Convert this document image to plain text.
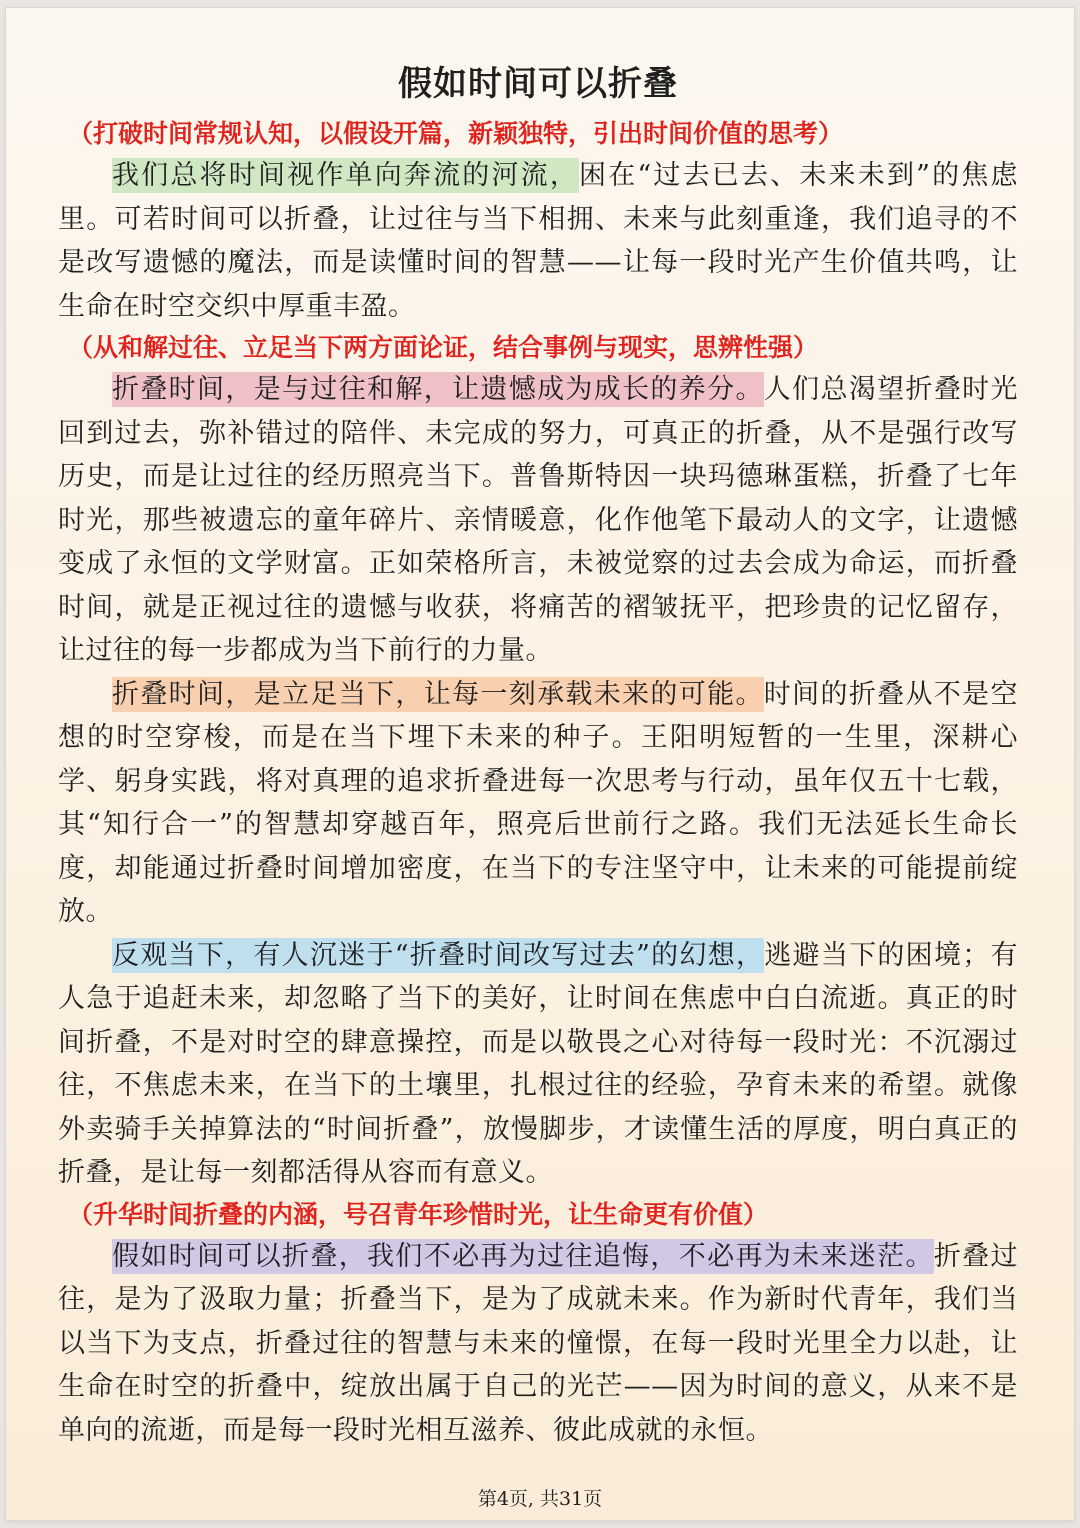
假如时间可以折叠

（打破时间常规认知，以假设开篇，新颖独特，引出时间价值的思考）

我们总将时间视作单向奔流的河流，困在“过去已去、未来未到”的焦虑里。可若时间可以折叠，让过往与当下相拥、未来与此刻重逢，我们追寻的不是改写遗憾的魔法，而是读懂时间的智慧——让每一段时光产生价值共鸣，让生命在时空交织中厚重丰盈。

（从和解过往、立足当下两方面论证，结合事例与现实，思辨性强）

折叠时间，是与过往和解，让遗憾成为成长的养分。人们总渴望折叠时光回到过去，弥补错过的陪伴、未完成的努力，可真正的折叠，从不是强行改写历史，而是让过往的经历照亮当下。普鲁斯特因一块玛德琳蛋糕，折叠了七年时光，那些被遗忘的童年碎片、亲情暖意，化作他笔下最动人的文字，让遗憾变成了永恒的文学财富。正如荣格所言，未被觉察的过去会成为命运，而折叠时间，就是正视过往的遗憾与收获，将痛苦的褶皱抚平，把珍贵的记忆留存，让过往的每一步都成为当下前行的力量。

折叠时间，是立足当下，让每一刻承载未来的可能。时间的折叠从不是空想的时空穿梭，而是在当下埋下未来的种子。王阳明短暂的一生里，深耕心学、躬身实践，将对真理的追求折叠进每一次思考与行动，虽年仅五十七载，其“知行合一”的智慧却穿越百年，照亮后世前行之路。我们无法延长生命长度，却能通过折叠时间增加密度，在当下的专注坚守中，让未来的可能提前绽放。

反观当下，有人沉迷于“折叠时间改写过去”的幻想，逃避当下的困境；有人急于追赶未来，却忽略了当下的美好，让时间在焦虑中白白流逝。真正的时间折叠，不是对时空的肆意操控，而是以敬畏之心对待每一段时光：不沉溺过往，不焦虑未来，在当下的土壤里，扎根过往的经验，孕育未来的希望。就像外卖骑手关掉算法的“时间折叠”，放慢脚步，才读懂生活的厚度，明白真正的折叠，是让每一刻都活得从容而有意义。

（升华时间折叠的内涵，号召青年珍惜时光，让生命更有价值）

假如时间可以折叠，我们不必再为过往追悔，不必再为未来迷茫。折叠过往，是为了汲取力量；折叠当下，是为了成就未来。作为新时代青年，我们当以当下为支点，折叠过往的智慧与未来的憧憬，在每一段时光里全力以赴，让生命在时空的折叠中，绽放出属于自己的光芒——因为时间的意义，从来不是单向的流逝，而是每一段时光相互滋养、彼此成就的永恒。

第4页, 共31页
